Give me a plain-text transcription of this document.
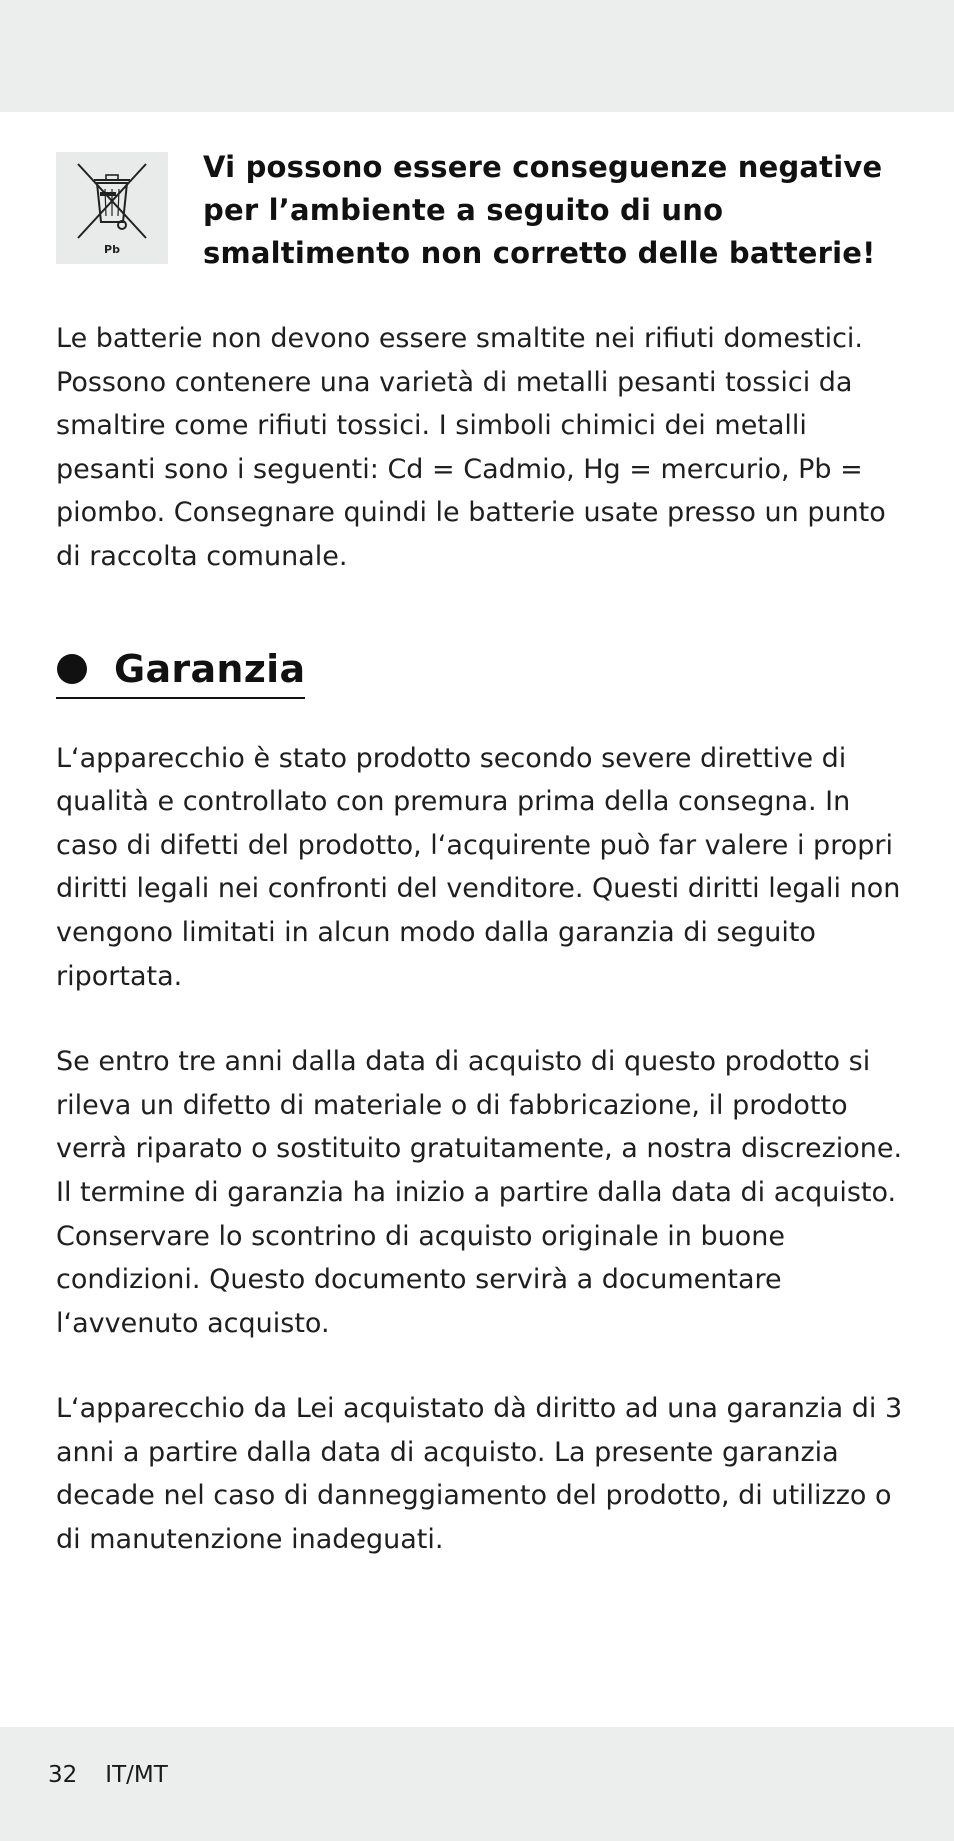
Pb
Vi possono essere conseguenze negative per l’ambiente a seguito di uno smaltimento non corretto delle batterie!

Le batterie non devono essere smaltite nei rifiuti domestici. Possono contenere una varietà di metalli pesanti tossici da smaltire come rifiuti tossici. I simboli chimici dei metalli pesanti sono i seguenti: Cd = Cadmio, Hg = mercurio, Pb = piombo. Consegnare quindi le batterie usate presso un punto di raccolta comunale.

Garanzia

L‘apparecchio è stato prodotto secondo severe direttive di qualità e controllato con premura prima della consegna. In caso di difetti del prodotto, l‘acquirente può far valere i propri diritti legali nei confronti del venditore. Questi diritti legali non vengono limitati in alcun modo dalla garanzia di seguito riportata.

Se entro tre anni dalla data di acquisto di questo prodotto si rileva un difetto di materiale o di fabbricazione, il prodotto verrà riparato o sostituito gratuitamente, a nostra discrezione. Il termine di garanzia ha inizio a partire dalla data di acquisto. Conservare lo scontrino di acquisto originale in buone condizioni. Questo documento servirà a documentare l‘avvenuto acquisto.

L‘apparecchio da Lei acquistato dà diritto ad una garanzia di 3 anni a partire dalla data di acquisto. La presente garanzia decade nel caso di danneggiamento del prodotto, di utilizzo o di manutenzione inadeguati.

32 IT/MT
